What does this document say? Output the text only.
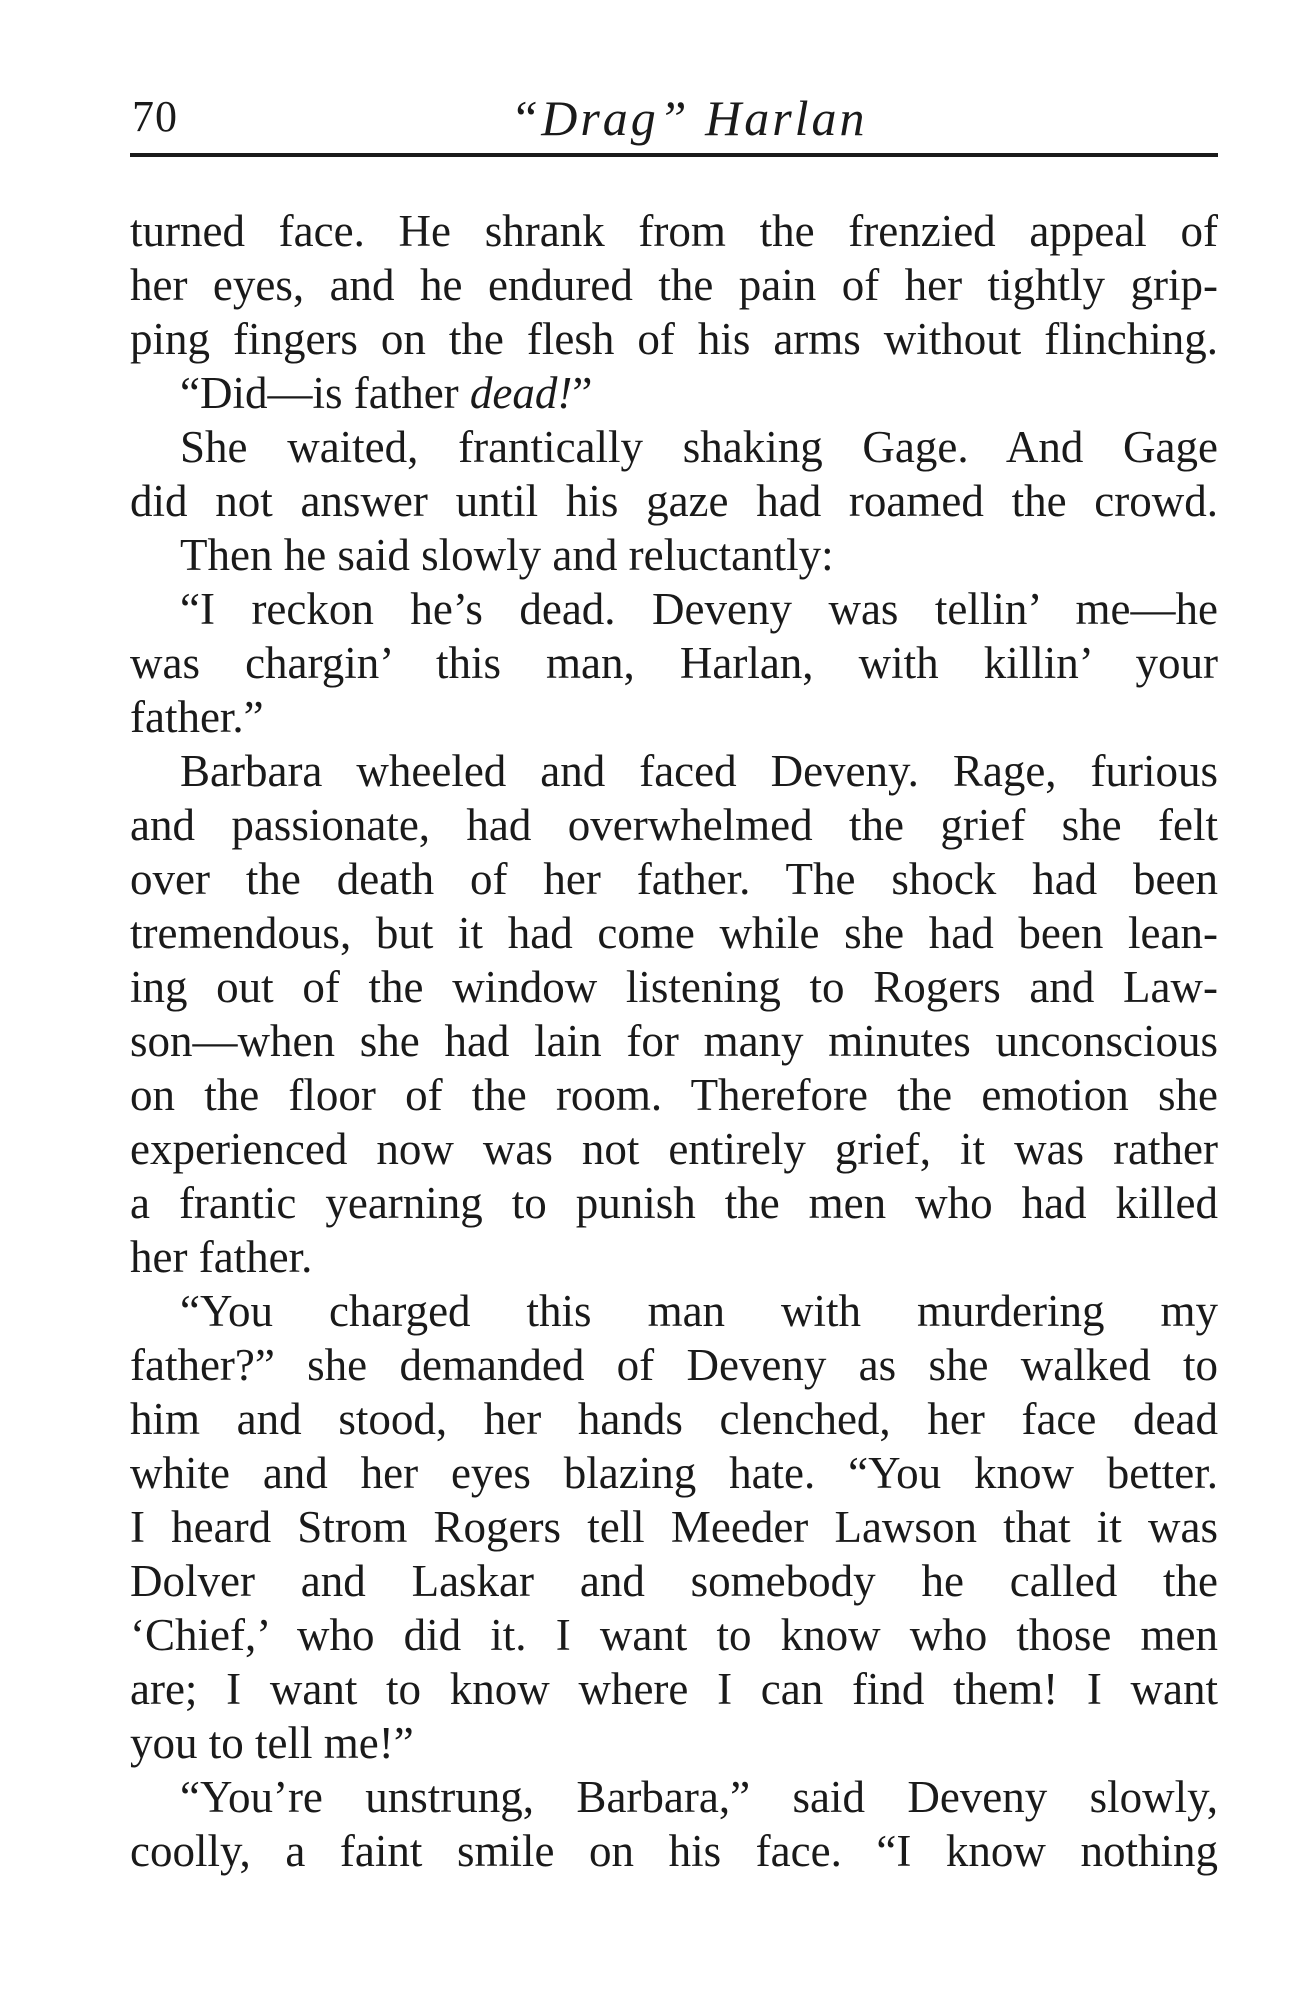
70	“Drag” Harlan
turned face. He shrank from the frenzied appeal of
her eyes, and he endured the pain of her tightly grip-
ping fingers on the flesh of his arms without flinching.
“Did—is father dead!”
She waited, frantically shaking Gage. And Gage
did not answer until his gaze had roamed the crowd.
Then he said slowly and reluctantly:
“I reckon he’s dead. Deveny was tellin’ me—he
was chargin’ this man, Harlan, with killin’ your
father.”
Barbara wheeled and faced Deveny. Rage, furious
and passionate, had overwhelmed the grief she felt
over the death of her father. The shock had been
tremendous, but it had come while she had been lean-
ing out of the window listening to Rogers and Law-
son—when she had lain for many minutes unconscious
on the floor of the room. Therefore the emotion she
experienced now was not entirely grief, it was rather
a frantic yearning to punish the men who had killed
her father.
“You charged this man with murdering my
father?” she demanded of Deveny as she walked to
him and stood, her hands clenched, her face dead
white and her eyes blazing hate. “You know better.
I heard Strom Rogers tell Meeder Lawson that it was
Dolver and Laskar and somebody he called the
‘Chief,’ who did it. I want to know who those men
are; I want to know where I can find them! I want
you to tell me!”
“You’re unstrung, Barbara,” said Deveny slowly,
coolly, a faint smile on his face. “I know nothing
